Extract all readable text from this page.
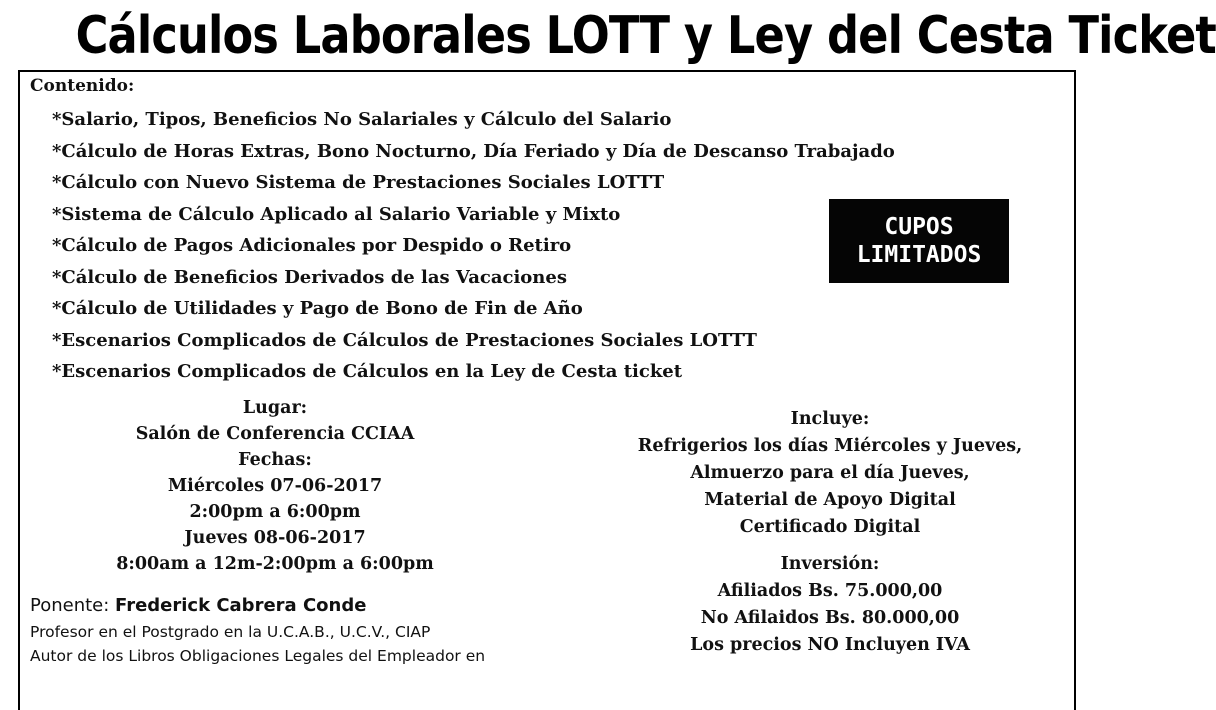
Cálculos Laborales LOTT y Ley del Cesta Ticket
Contenido:
*Salario, Tipos, Beneficios No Salariales y Cálculo del Salario
*Cálculo de Horas Extras, Bono Nocturno, Día Feriado y Día de Descanso Trabajado
*Cálculo con Nuevo Sistema de Prestaciones Sociales LOTTT
*Sistema de Cálculo Aplicado al Salario Variable y Mixto
*Cálculo de Pagos Adicionales por Despido o Retiro
*Cálculo de Beneficios Derivados de las Vacaciones
*Cálculo de Utilidades y Pago de Bono de Fin de Año
*Escenarios Complicados de Cálculos de Prestaciones Sociales LOTTT
*Escenarios Complicados de Cálculos en la Ley de Cesta ticket
CUPOS
LIMITADOS
Lugar:
Salón de Conferencia CCIAA
Fechas:
Miércoles 07-06-2017
2:00pm a 6:00pm
Jueves 08-06-2017
8:00am a 12m-2:00pm a 6:00pm
Incluye:
Refrigerios los días Miércoles y Jueves,
Almuerzo para el día Jueves,
Material de Apoyo Digital
Certificado Digital
Inversión:
Afiliados Bs. 75.000,00
No Afilaidos Bs. 80.000,00
Los precios NO Incluyen IVA
Ponente: Frederick Cabrera Conde
Profesor en el Postgrado en la U.C.A.B., U.C.V., CIAP
Autor de los Libros Obligaciones Legales del Empleador en
